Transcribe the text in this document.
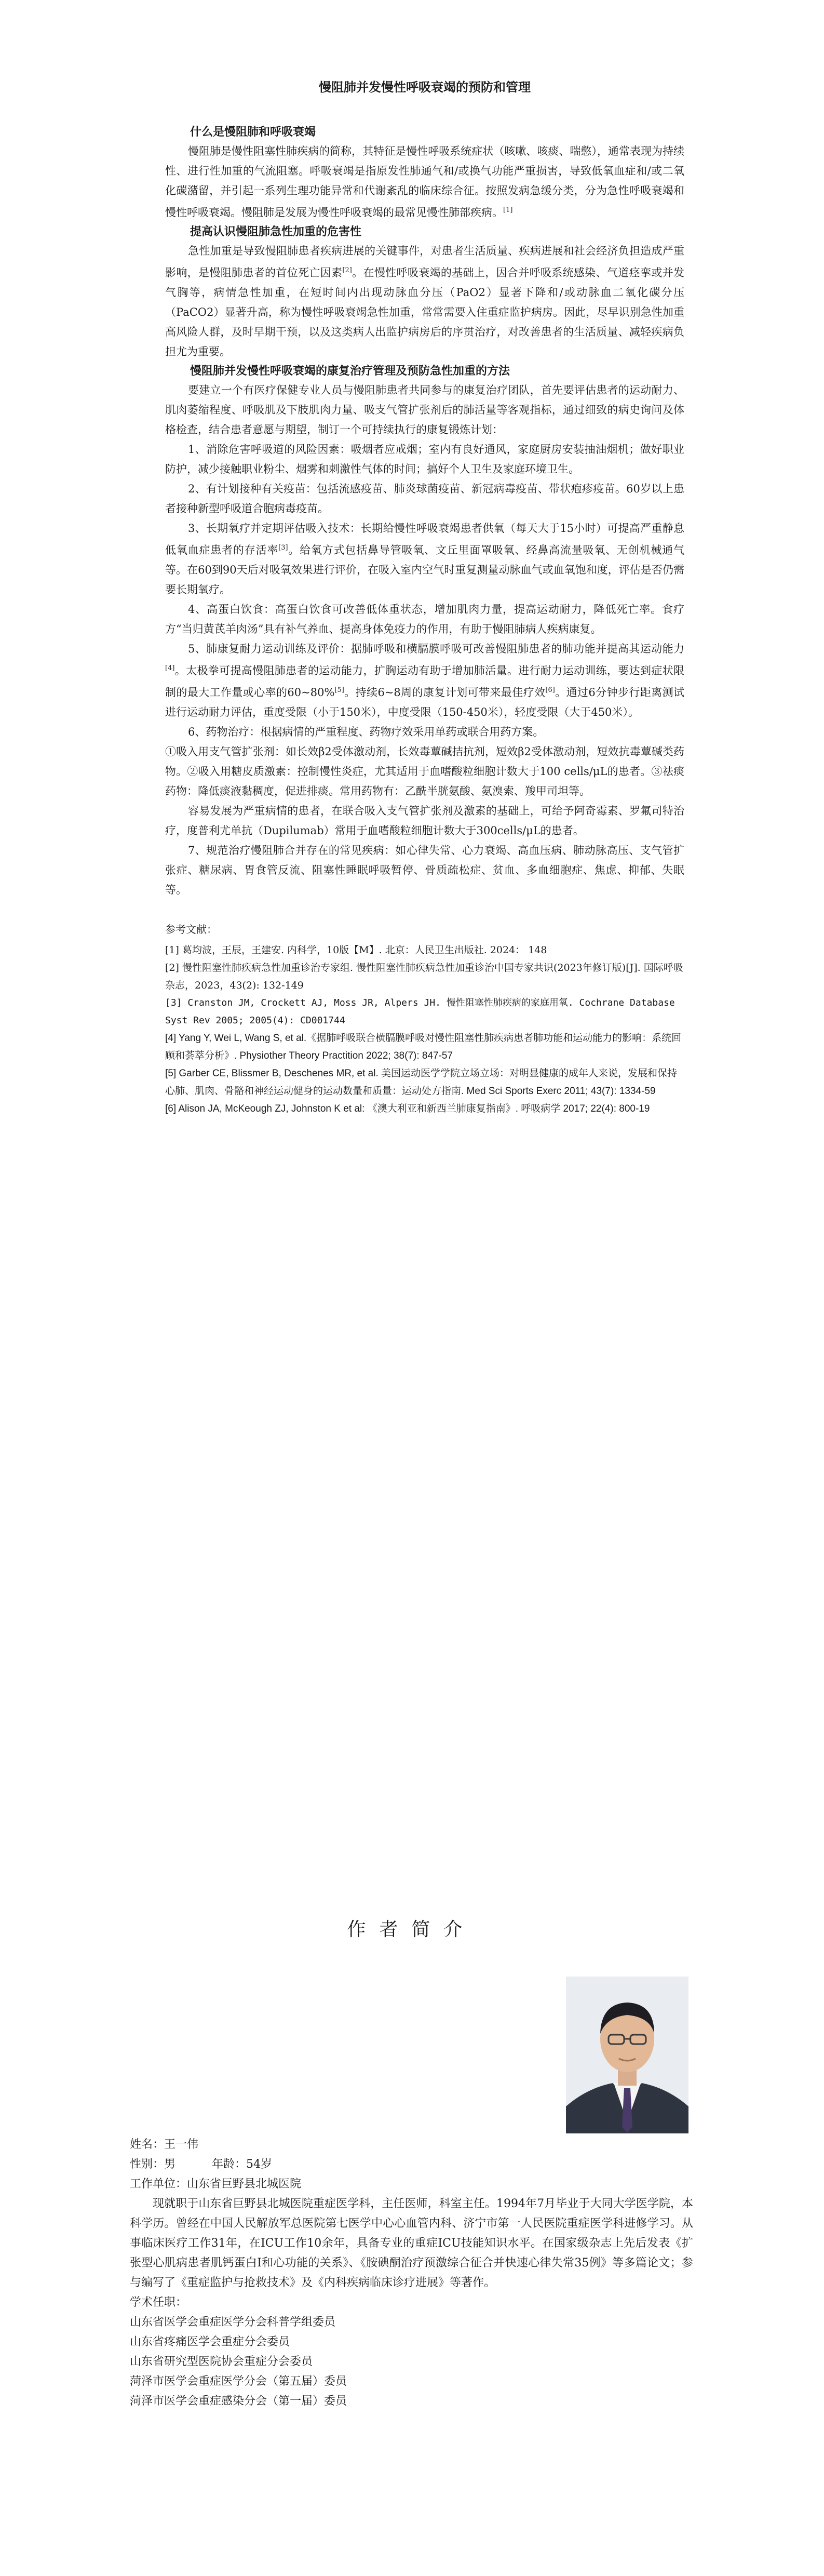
慢阻肺并发慢性呼吸衰竭的预防和管理
什么是慢阻肺和呼吸衰竭

慢阻肺是慢性阻塞性肺疾病的简称，其特征是慢性呼吸系统症状（咳嗽、咳痰、喘憋），通常表现为持续性、进行性加重的气流阻塞。呼吸衰竭是指原发性肺通气和/或换气功能严重损害，导致低氧血症和/或二氧化碳潴留，并引起一系列生理功能异常和代谢紊乱的临床综合征。按照发病急缓分类，分为急性呼吸衰竭和慢性呼吸衰竭。慢阻肺是发展为慢性呼吸衰竭的最常见慢性肺部疾病。[1]

提高认识慢阻肺急性加重的危害性

急性加重是导致慢阻肺患者疾病进展的关键事件，对患者生活质量、疾病进展和社会经济负担造成严重影响，是慢阻肺患者的首位死亡因素[2]。在慢性呼吸衰竭的基础上，因合并呼吸系统感染、气道痉挛或并发气胸等，病情急性加重，在短时间内出现动脉血分压（PaO2）显著下降和/或动脉血二氧化碳分压（PaCO2）显著升高，称为慢性呼吸衰竭急性加重，常常需要入住重症监护病房。因此，尽早识别急性加重高风险人群，及时早期干预，以及这类病人出监护病房后的序贯治疗，对改善患者的生活质量、减轻疾病负担尤为重要。

慢阻肺并发慢性呼吸衰竭的康复治疗管理及预防急性加重的方法

要建立一个有医疗保健专业人员与慢阻肺患者共同参与的康复治疗团队，首先要评估患者的运动耐力、肌肉萎缩程度、呼吸肌及下肢肌肉力量、吸支气管扩张剂后的肺活量等客观指标，通过细致的病史询问及体格检查，结合患者意愿与期望，制订一个可持续执行的康复锻炼计划：

1、消除危害呼吸道的风险因素：吸烟者应戒烟；室内有良好通风，家庭厨房安装抽油烟机；做好职业防护，减少接触职业粉尘、烟雾和刺激性气体的时间；搞好个人卫生及家庭环境卫生。

2、有计划接种有关疫苗：包括流感疫苗、肺炎球菌疫苗、新冠病毒疫苗、带状疱疹疫苗。60岁以上患者接种新型呼吸道合胞病毒疫苗。

3、长期氧疗并定期评估吸入技术：长期给慢性呼吸衰竭患者供氧（每天大于15小时）可提高严重静息低氧血症患者的存活率[3]。给氧方式包括鼻导管吸氧、文丘里面罩吸氧、经鼻高流量吸氧、无创机械通气等。在60到90天后对吸氧效果进行评价，在吸入室内空气时重复测量动脉血气或血氧饱和度，评估是否仍需要长期氧疗。

4、高蛋白饮食：高蛋白饮食可改善低体重状态，增加肌肉力量，提高运动耐力，降低死亡率。食疗方“当归黄芪羊肉汤”具有补气养血、提高身体免疫力的作用，有助于慢阻肺病人疾病康复。

5、肺康复耐力运动训练及评价：据肺呼吸和横膈膜呼吸可改善慢阻肺患者的肺功能并提高其运动能力[4]。太极拳可提高慢阻肺患者的运动能力，扩胸运动有助于增加肺活量。进行耐力运动训练，要达到症状限制的最大工作量或心率的60~80%[5]。持续6~8周的康复计划可带来最佳疗效[6]。通过6分钟步行距离测试进行运动耐力评估，重度受限（小于150米），中度受限（150-450米），轻度受限（大于450米）。

6、药物治疗：根据病情的严重程度、药物疗效采用单药或联合用药方案。

①吸入用支气管扩张剂：如长效β2受体激动剂，长效毒蕈碱拮抗剂，短效β2受体激动剂，短效抗毒蕈碱类药物。②吸入用糖皮质激素：控制慢性炎症，尤其适用于血嗜酸粒细胞计数大于100 cells/μL的患者。③祛痰药物：降低痰液黏稠度，促进排痰。常用药物有：乙酰半胱氨酸、氨溴索、羧甲司坦等。

容易发展为严重病情的患者，在联合吸入支气管扩张剂及激素的基础上，可给予阿奇霉素、罗氟司特治疗，度普利尤单抗（Dupilumab）常用于血嗜酸粒细胞计数大于300cells/μL的患者。

7、规范治疗慢阻肺合并存在的常见疾病：如心律失常、心力衰竭、高血压病、肺动脉高压、支气管扩张症、糖尿病、胃食管反流、阻塞性睡眠呼吸暂停、骨质疏松症、贫血、多血细胞症、焦虑、抑郁、失眠等。

参考文献：

[1] 葛均波，王辰，王建安. 内科学，10版【M】. 北京：人民卫生出版社. 2024： 148

[2] 慢性阻塞性肺疾病急性加重诊治专家组. 慢性阻塞性肺疾病急性加重诊治中国专家共识(2023年修订版)[J]. 国际呼吸杂志，2023，43(2): 132-149

[3] Cranston JM, Crockett AJ, Moss JR, Alpers JH. 慢性阻塞性肺疾病的家庭用氧. Cochrane Database Syst Rev 2005; 2005(4): CD001744

[4] Yang Y, Wei L, Wang S, et al.《据肺呼吸联合横膈膜呼吸对慢性阻塞性肺疾病患者肺功能和运动能力的影响：系统回顾和荟萃分析》. Physiother Theory Practition 2022; 38(7): 847-57

[5] Garber CE, Blissmer B, Deschenes MR, et al. 美国运动医学学院立场立场：对明显健康的成年人来说，发展和保持心肺、肌肉、骨骼和神经运动健身的运动数量和质量：运动处方指南. Med Sci Sports Exerc 2011; 43(7): 1334-59

[6] Alison JA, McKeough ZJ, Johnston K et al: 《澳大利亚和新西兰肺康复指南》. 呼吸病学 2017; 22(4): 800-19

作者简介

姓名：王一伟

性别：男	年龄：54岁

工作单位：山东省巨野县北城医院

现就职于山东省巨野县北城医院重症医学科，主任医师，科室主任。1994年7月毕业于大同大学医学院，本科学历。曾经在中国人民解放军总医院第七医学中心心血管内科、济宁市第一人民医院重症医学科进修学习。从事临床医疗工作31年，在ICU工作10余年，具备专业的重症ICU技能知识水平。在国家级杂志上先后发表《扩张型心肌病患者肌钙蛋白I和心功能的关系》、《胺碘酮治疗预激综合征合并快速心律失常35例》等多篇论文；参与编写了《重症监护与抢救技术》及《内科疾病临床诊疗进展》等著作。

学术任职：

山东省医学会重症医学分会科普学组委员

山东省疼痛医学会重症分会委员

山东省研究型医院协会重症分会委员

菏泽市医学会重症医学分会（第五届）委员

菏泽市医学会重症感染分会（第一届）委员
